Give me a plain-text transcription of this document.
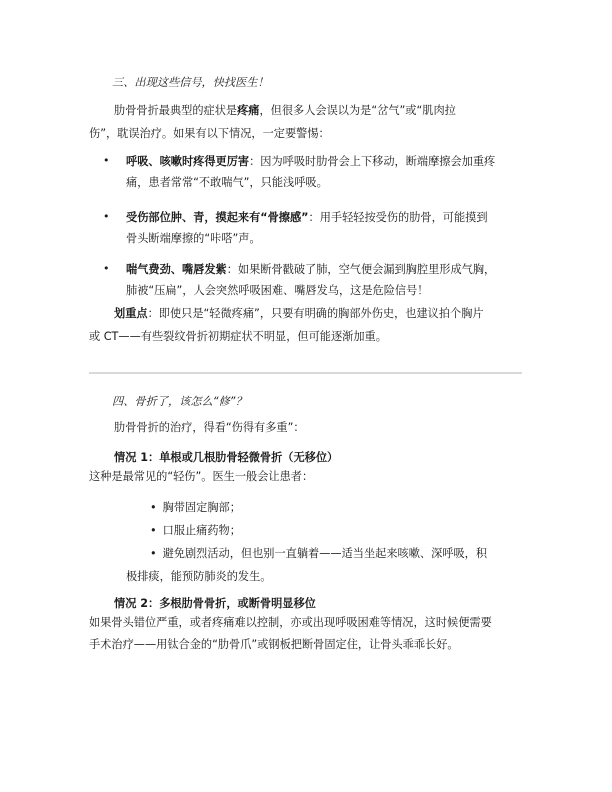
三、出现这些信号，快找医生！
肋骨骨折最典型的症状是疼痛，但很多人会误以为是“岔气”或“肌肉拉
伤”，耽误治疗。如果有以下情况，一定要警惕：
• 呼吸、咳嗽时疼得更厉害：因为呼吸时肋骨会上下移动，断端摩擦会加重疼
痛，患者常常“不敢喘气”，只能浅呼吸。
• 受伤部位肿、青，摸起来有“骨擦感”：用手轻轻按受伤的肋骨，可能摸到
骨头断端摩擦的“咔嗒”声。
• 喘气费劲、嘴唇发紫：如果断骨戳破了肺，空气便会漏到胸腔里形成气胸，
肺被“压扁”，人会突然呼吸困难、嘴唇发乌，这是危险信号！
划重点：即使只是“轻微疼痛”，只要有明确的胸部外伤史，也建议拍个胸片
或 CT——有些裂纹骨折初期症状不明显，但可能逐渐加重。
四、骨折了，该怎么“修”？
肋骨骨折的治疗，得看“伤得有多重”：
情况 1：单根或几根肋骨轻微骨折（无移位）
这种是最常见的“轻伤”。医生一般会让患者：
• 胸带固定胸部；
• 口服止痛药物；
• 避免剧烈活动，但也别一直躺着——适当坐起来咳嗽、深呼吸，积
极排痰，能预防肺炎的发生。
情况 2：多根肋骨骨折，或断骨明显移位
如果骨头错位严重，或者疼痛难以控制，亦或出现呼吸困难等情况，这时候便需要
手术治疗——用钛合金的“肋骨爪”或钢板把断骨固定住，让骨头乖乖长好。
